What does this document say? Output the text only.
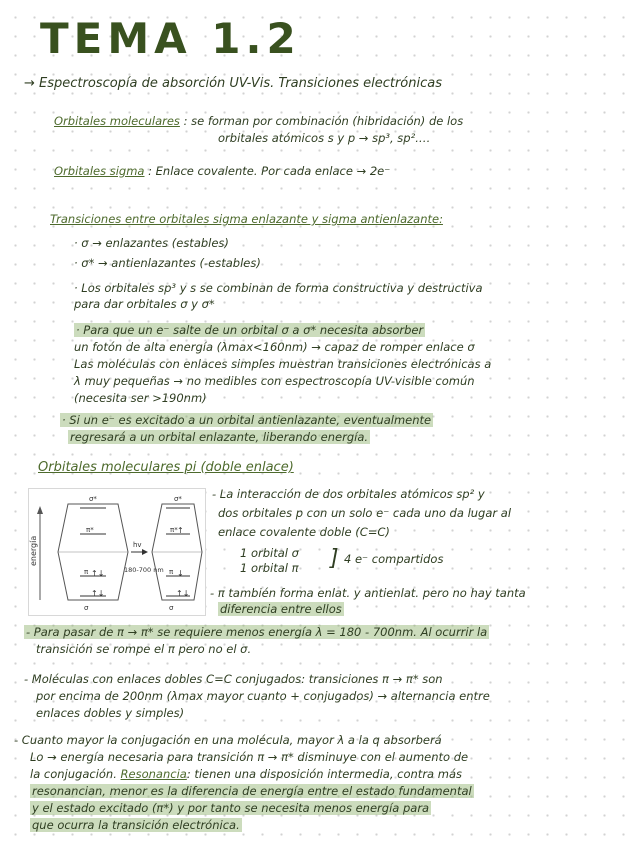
TEMA 1.2
→ Espectroscopía de absorción UV-Vis. Transiciones electrónicas
Orbitales moleculares : se forman por combinación (hibridación) de los
orbitales atómicos s y p → sp³, sp².…
Orbitales sigma : Enlace covalente. Por cada enlace → 2e⁻
Transiciones entre orbitales sigma enlazante y sigma antienlazante:
· σ → enlazantes (estables)
· σ* → antienlazantes (-estables)
· Los orbitales sp³ y s se combinan de forma constructiva y destructiva
para dar orbitales σ y σ*
· Para que un e⁻ salte de un orbital σ a σ* necesita absorber
un fotón de alta energía (λmax<160nm) → capaz de romper enlace σ
Las moléculas con enlaces simples muestran transiciones electrónicas a
λ muy pequeñas → no medibles con espectroscopía UV-visible común
(necesita ser >190nm)
· Si un e⁻ es excitado a un orbital antienlazante, eventualmente
regresará a un orbital enlazante, liberando energía.
Orbitales moleculares pi (doble enlace)
energía
σ*
π*
π
σ
↑↓
↑↓
hv
180-700 nm
σ*
π*
π
σ
↑
↓
↑↓
- La interacción de dos orbitales atómicos sp² y
dos orbitales p con un solo e⁻ cada uno da lugar al
enlace covalente doble (C=C)
1 orbital σ
1 orbital π ] 4 e⁻ compartidos
- π también forma enlat. y antienlat. pero no hay tanta
diferencia entre ellos
- Para pasar de π → π* se requiere menos energía λ = 180 - 700nm. Al ocurrir la
transición se rompe el π pero no el σ.
- Moléculas con enlaces dobles C=C conjugados: transiciones π → π* son
por encima de 200nm (λmax mayor cuanto + conjugados) → alternancia entre
enlaces dobles y simples)
- Cuanto mayor la conjugación en una molécula, mayor λ a la q absorberá
Lo → energía necesaria para transición π → π* disminuye con el aumento de
la conjugación. Resonancia: tienen una disposición intermedia, contra más
resonancian, menor es la diferencia de energía entre el estado fundamental
y el estado excitado (π*) y por tanto se necesita menos energía para
que ocurra la transición electrónica.
